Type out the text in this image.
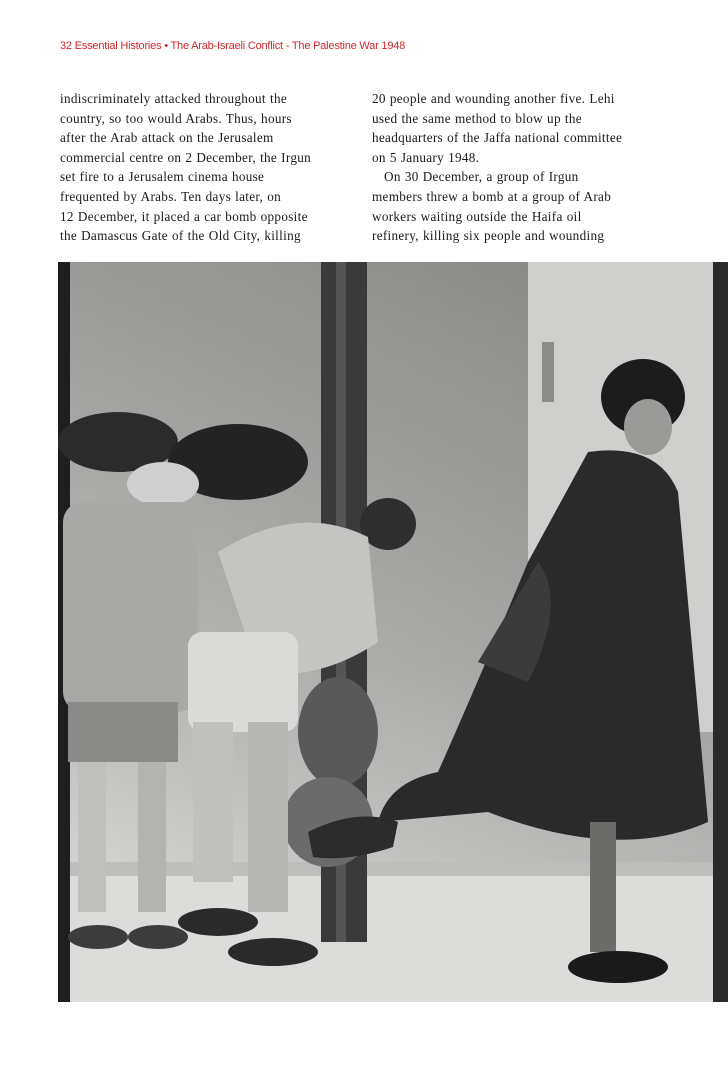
32 Essential Histories • The Arab-Israeli Conflict - The Palestine War 1948
indiscriminately attacked throughout the
country, so too would Arabs. Thus, hours
after the Arab attack on the Jerusalem
commercial centre on 2 December, the Irgun
set fire to a Jerusalem cinema house
frequented by Arabs. Ten days later, on
12 December, it placed a car bomb opposite
the Damascus Gate of the Old City, killing
20 people and wounding another five. Lehi
used the same method to blow up the
headquarters of the Jaffa national committee
on 5 January 1948.
On 30 December, a group of Irgun
members threw a bomb at a group of Arab
workers waiting outside the Haifa oil
refinery, killing six people and wounding
